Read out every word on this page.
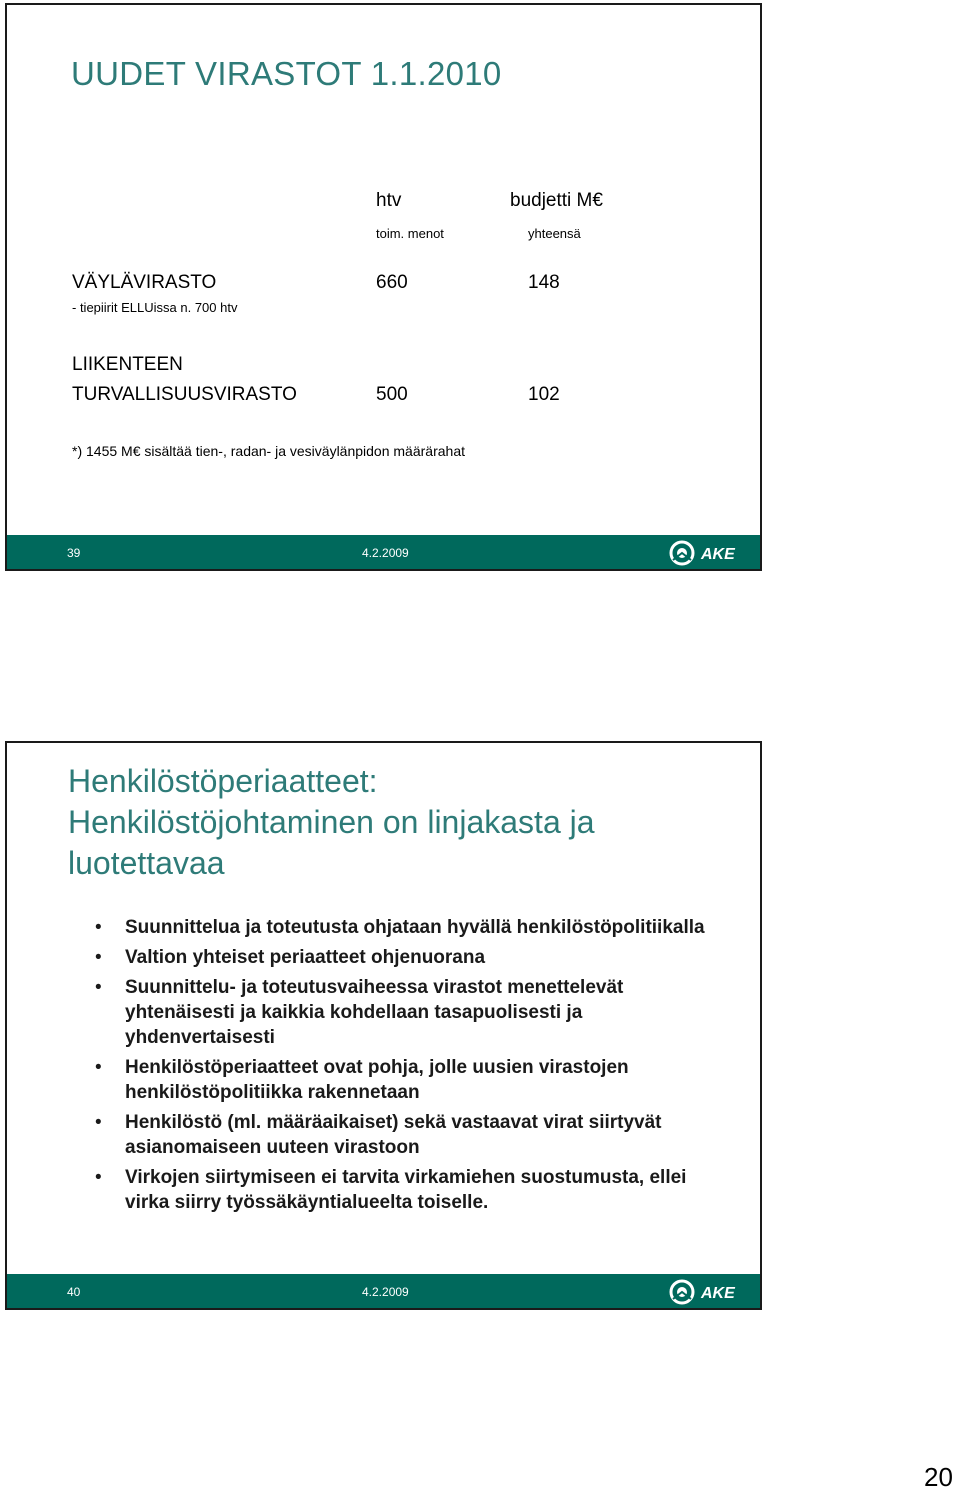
UUDET VIRASTOT 1.1.2010
htv	budjetti M€
toim. menot	yhteensä
VÄYLÄVIRASTO	660	148
- tiepiirit ELLUissa n. 700 htv
LIIKENTEEN
TURVALLISUUSVIRASTO	500	102
*) 1455 M€ sisältää tien-, radan- ja vesiväylänpidon määrärahat
39	4.2.2009	AKE
Henkilöstöperiaatteet:
Henkilöstöjohtaminen on linjakasta ja
luotettavaa
• Suunnittelua ja toteutusta ohjataan hyvällä henkilöstöpolitiikalla
• Valtion yhteiset periaatteet ohjenuorana
• Suunnittelu- ja toteutusvaiheessa virastot menettelevät yhtenäisesti ja kaikkia kohdellaan tasapuolisesti ja yhdenvertaisesti
• Henkilöstöperiaatteet ovat pohja, jolle uusien virastojen henkilöstöpolitiikka rakennetaan
• Henkilöstö (ml. määräaikaiset) sekä vastaavat virat siirtyvät asianomaiseen uuteen virastoon
• Virkojen siirtymiseen ei tarvita virkamiehen suostumusta, ellei virka siirry työssäkäyntialueelta toiselle.
40	4.2.2009	AKE
20
